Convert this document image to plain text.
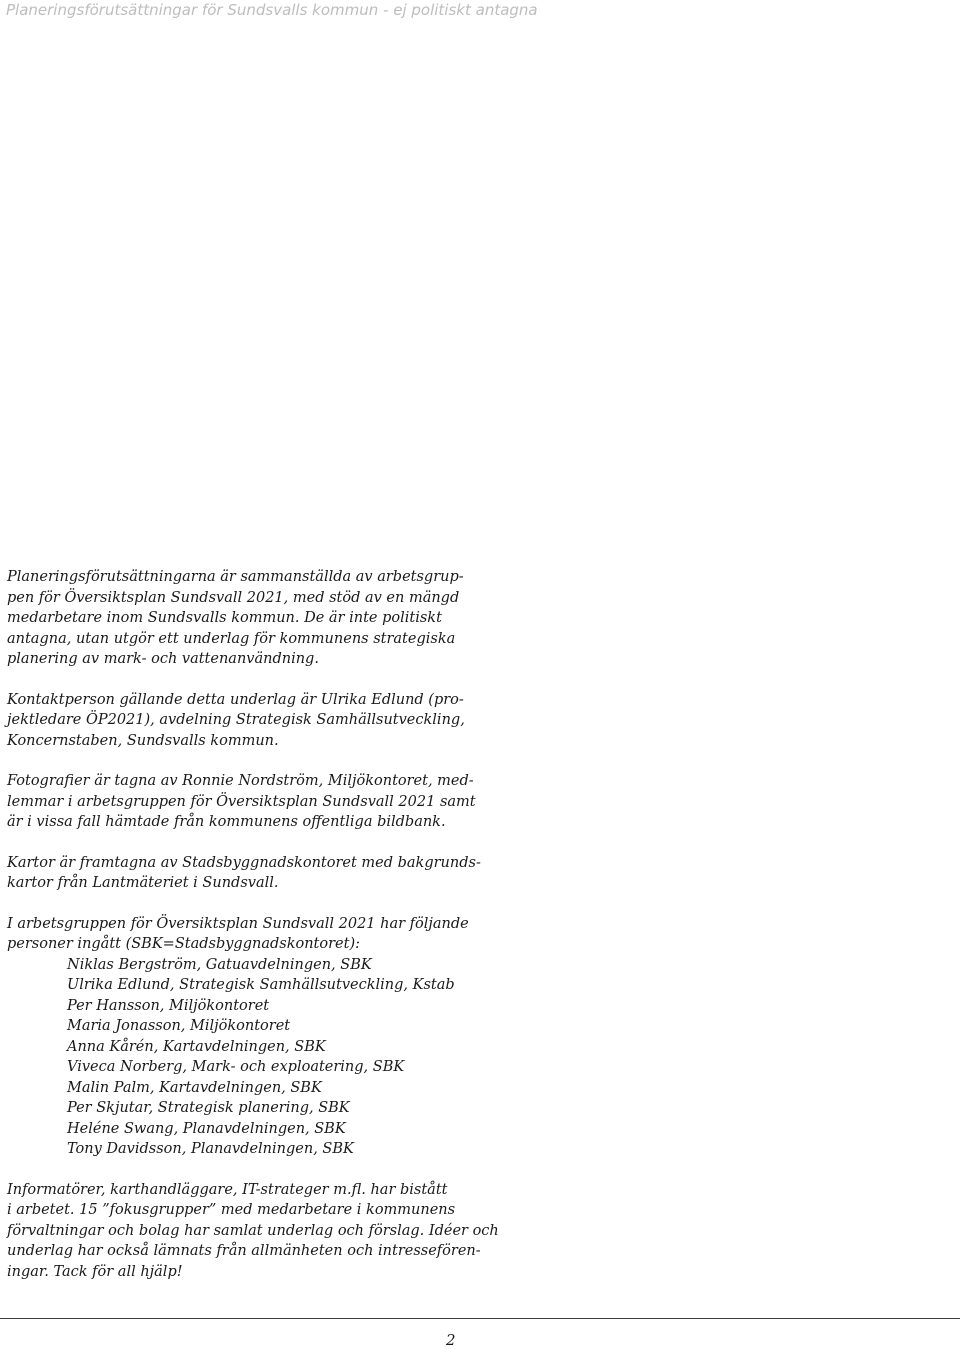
Planeringsförutsättningar för Sundsvalls kommun - ej politiskt antagna

Planeringsförutsättningarna är sammanställda av arbetsgrup-
pen för Översiktsplan Sundsvall 2021, med stöd av en mängd
medarbetare inom Sundsvalls kommun. De är inte politiskt
antagna, utan utgör ett underlag för kommunens strategiska
planering av mark- och vattenanvändning.

Kontaktperson gällande detta underlag är Ulrika Edlund (pro-
jektledare ÖP2021), avdelning Strategisk Samhällsutveckling,
Koncernstaben, Sundsvalls kommun.

Fotografier är tagna av Ronnie Nordström, Miljökontoret, med-
lemmar i arbetsgruppen för Översiktsplan Sundsvall 2021 samt
är i vissa fall hämtade från kommunens offentliga bildbank.

Kartor är framtagna av Stadsbyggnadskontoret med bakgrunds-
kartor från Lantmäteriet i Sundsvall.

I arbetsgruppen för Översiktsplan Sundsvall 2021 har följande
personer ingått (SBK=Stadsbyggnadskontoret):
Niklas Bergström, Gatuavdelningen, SBK
Ulrika Edlund, Strategisk Samhällsutveckling, Kstab
Per Hansson, Miljökontoret
Maria Jonasson, Miljökontoret
Anna Kårén, Kartavdelningen, SBK
Viveca Norberg, Mark- och exploatering, SBK
Malin Palm, Kartavdelningen, SBK
Per Skjutar, Strategisk planering, SBK
Heléne Swang, Planavdelningen, SBK
Tony Davidsson, Planavdelningen, SBK

Informatörer, karthandläggare, IT-strateger m.fl. har bistått
i arbetet. 15 ”fokusgrupper” med medarbetare i kommunens
förvaltningar och bolag har samlat underlag och förslag. Idéer och
underlag har också lämnats från allmänheten och intressefören-
ingar. Tack för all hjälp!

2
